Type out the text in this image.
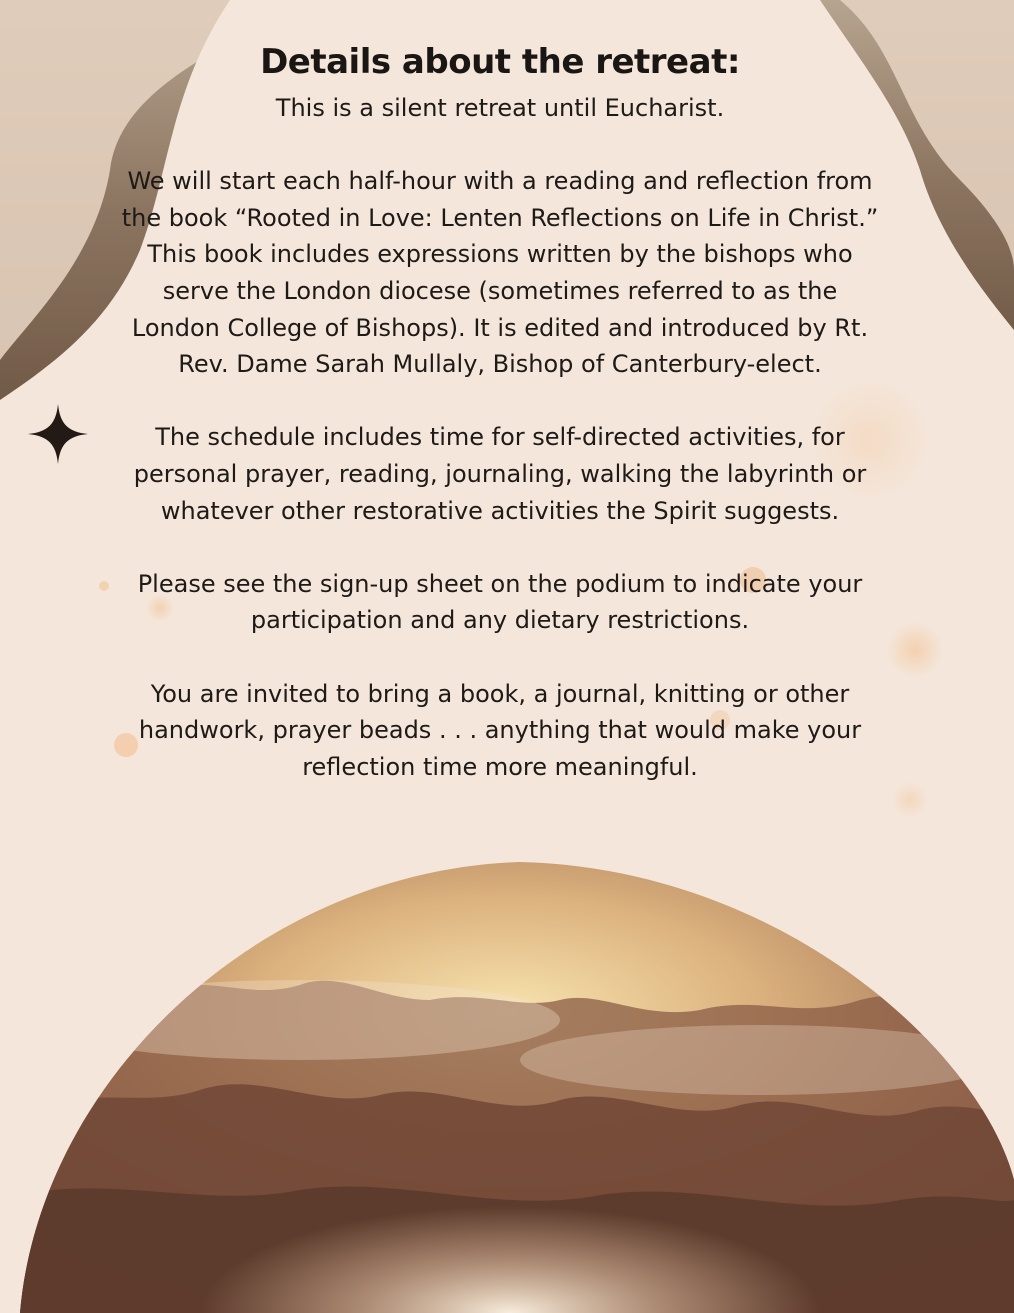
Details about the retreat:

This is a silent retreat until Eucharist.

We will start each half-hour with a reading and reflection from the book “Rooted in Love: Lenten Reflections on Life in Christ.” This book includes expressions written by the bishops who serve the London diocese (sometimes referred to as the London College of Bishops). It is edited and introduced by Rt. Rev. Dame Sarah Mullaly, Bishop of Canterbury-elect.

The schedule includes time for self-directed activities, for personal prayer, reading, journaling, walking the labyrinth or whatever other restorative activities the Spirit suggests.

Please see the sign-up sheet on the podium to indicate your participation and any dietary restrictions.

You are invited to bring a book, a journal, knitting or other handwork, prayer beads . . . anything that would make your reflection time more meaningful.
